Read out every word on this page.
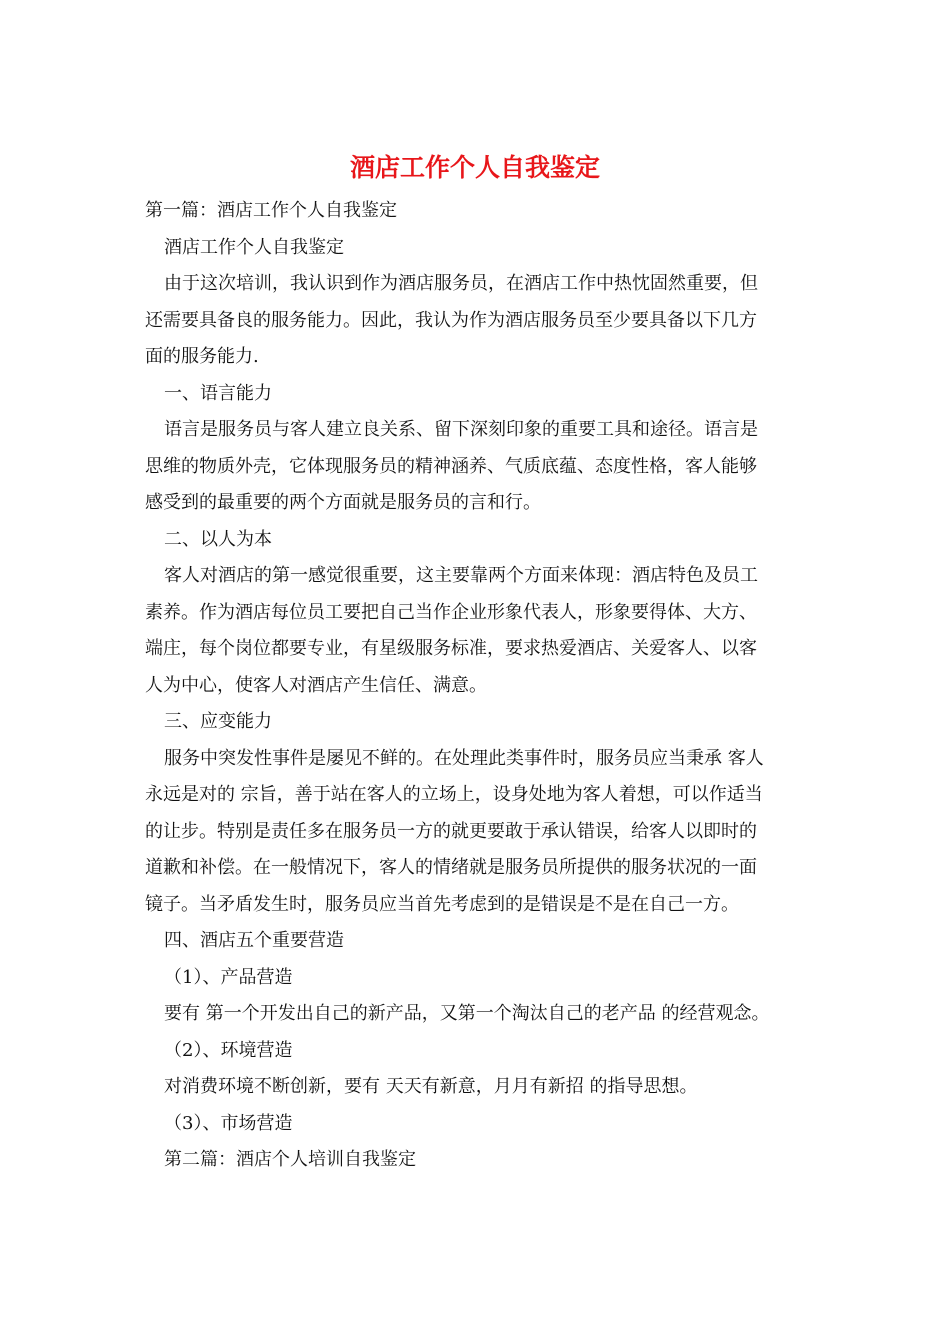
酒店工作个人自我鉴定
第一篇：酒店工作个人自我鉴定
酒店工作个人自我鉴定
由于这次培训，我认识到作为酒店服务员，在酒店工作中热忱固然重要，但
还需要具备良的服务能力。因此，我认为作为酒店服务员至少要具备以下几方
面的服务能力.
一、语言能力
语言是服务员与客人建立良关系、留下深刻印象的重要工具和途径。语言是
思维的物质外壳，它体现服务员的精神涵养、气质底蕴、态度性格，客人能够
感受到的最重要的两个方面就是服务员的言和行。
二、以人为本
客人对酒店的第一感觉很重要，这主要靠两个方面来体现：酒店特色及员工
素养。作为酒店每位员工要把自己当作企业形象代表人，形象要得体、大方、
端庄，每个岗位都要专业，有星级服务标准，要求热爱酒店、关爱客人、以客
人为中心，使客人对酒店产生信任、满意。
三、应变能力
服务中突发性事件是屡见不鲜的。在处理此类事件时，服务员应当秉承 客人
永远是对的 宗旨，善于站在客人的立场上，设身处地为客人着想，可以作适当
的让步。特别是责任多在服务员一方的就更要敢于承认错误，给客人以即时的
道歉和补偿。在一般情况下，客人的情绪就是服务员所提供的服务状况的一面
镜子。当矛盾发生时，服务员应当首先考虑到的是错误是不是在自己一方。
四、酒店五个重要营造
（1）、产品营造
要有 第一个开发出自己的新产品，又第一个淘汰自己的老产品 的经营观念。
（2）、环境营造
对消费环境不断创新，要有 天天有新意，月月有新招 的指导思想。
（3）、市场营造
第二篇：酒店个人培训自我鉴定
